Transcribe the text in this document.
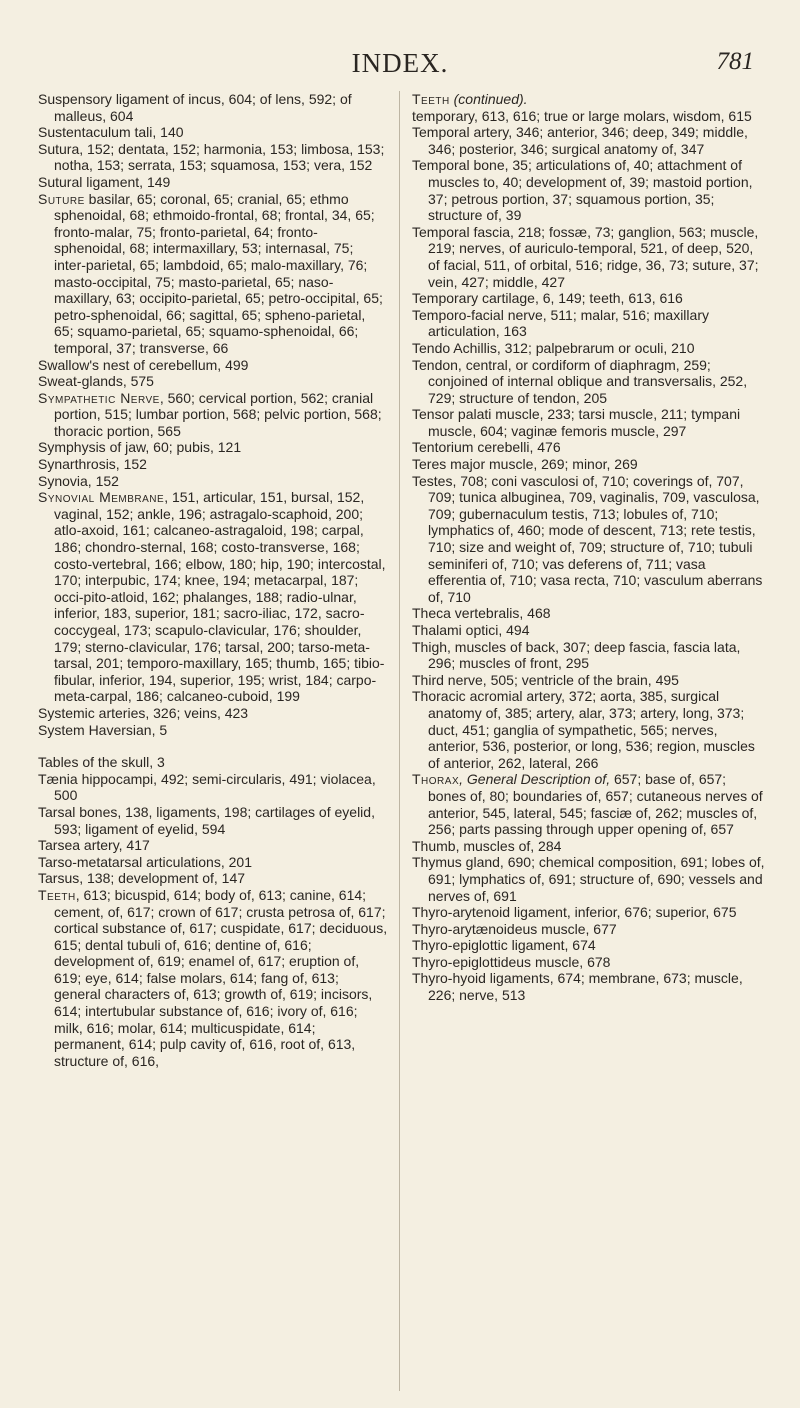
INDEX.	781

Suspensory ligament of incus, 604; of lens, 592; of malleus, 604

Sustentaculum tali, 140

Sutura, 152; dentata, 152; harmonia, 153; limbosa, 153; notha, 153; serrata, 153; squamosa, 153; vera, 152

Sutural ligament, 149

Suture basilar, 65; coronal, 65; cranial, 65; ethmo sphenoidal, 68; ethmoido-frontal, 68; frontal, 34, 65; fronto-malar, 75; fronto-parietal, 64; fronto-sphenoidal, 68; intermaxillary, 53; internasal, 75; inter-parietal, 65; lambdoid, 65; malo-maxillary, 76; masto-occipital, 75; masto-parietal, 65; naso-maxillary, 63; occipito-parietal, 65; petro-occipital, 65; petro-sphenoidal, 66; sagittal, 65; spheno-parietal, 65; squamo-parietal, 65; squamo-sphenoidal, 66; temporal, 37; transverse, 66

Swallow's nest of cerebellum, 499

Sweat-glands, 575

Sympathetic Nerve, 560; cervical portion, 562; cranial portion, 515; lumbar portion, 568; pelvic portion, 568; thoracic portion, 565

Symphysis of jaw, 60; pubis, 121

Synarthrosis, 152

Synovia, 152

Synovial Membrane, 151, articular, 151, bursal, 152, vaginal, 152; ankle, 196; astragalo-scaphoid, 200; atlo-axoid, 161; calcaneo-astragaloid, 198; carpal, 186; chondro-sternal, 168; costo-transverse, 168; costo-vertebral, 166; elbow, 180; hip, 190; intercostal, 170; interpubic, 174; knee, 194; metacarpal, 187; occi-pito-atloid, 162; phalanges, 188; radio-ulnar, inferior, 183, superior, 181; sacro-iliac, 172, sacro-coccygeal, 173; scapulo-clavicular, 176; shoulder, 179; sterno-clavicular, 176; tarsal, 200; tarso-meta-tarsal, 201; temporo-maxillary, 165; thumb, 165; tibio-fibular, inferior, 194, superior, 195; wrist, 184; carpo-meta-carpal, 186; calcaneo-cuboid, 199

Systemic arteries, 326; veins, 423

System Haversian, 5

Tables of the skull, 3

Tænia hippocampi, 492; semi-circularis, 491; violacea, 500

Tarsal bones, 138, ligaments, 198; cartilages of eyelid, 593; ligament of eyelid, 594

Tarsea artery, 417

Tarso-metatarsal articulations, 201

Tarsus, 138; development of, 147

Teeth, 613; bicuspid, 614; body of, 613; canine, 614; cement, of, 617; crown of 617; crusta petrosa of, 617; cortical substance of, 617; cuspidate, 617; deciduous, 615; dental tubuli of, 616; dentine of, 616; development of, 619; enamel of, 617; eruption of, 619; eye, 614; false molars, 614; fang of, 613; general characters of, 613; growth of, 619; incisors, 614; intertubular substance of, 616; ivory of, 616; milk, 616; molar, 614; multicuspidate, 614; permanent, 614; pulp cavity of, 616, root of, 613, structure of, 616,

Teeth (continued).

temporary, 613, 616; true or large molars, wisdom, 615

Temporal artery, 346; anterior, 346; deep, 349; middle, 346; posterior, 346; surgical anatomy of, 347

Temporal bone, 35; articulations of, 40; attachment of muscles to, 40; development of, 39; mastoid portion, 37; petrous portion, 37; squamous portion, 35; structure of, 39

Temporal fascia, 218; fossæ, 73; ganglion, 563; muscle, 219; nerves, of auriculo-temporal, 521, of deep, 520, of facial, 511, of orbital, 516; ridge, 36, 73; suture, 37; vein, 427; middle, 427

Temporary cartilage, 6, 149; teeth, 613, 616

Temporo-facial nerve, 511; malar, 516; maxillary articulation, 163

Tendo Achillis, 312; palpebrarum or oculi, 210

Tendon, central, or cordiform of diaphragm, 259; conjoined of internal oblique and transversalis, 252, 729; structure of tendon, 205

Tensor palati muscle, 233; tarsi muscle, 211; tympani muscle, 604; vaginæ femoris muscle, 297

Tentorium cerebelli, 476

Teres major muscle, 269; minor, 269

Testes, 708; coni vasculosi of, 710; coverings of, 707, 709; tunica albuginea, 709, vaginalis, 709, vasculosa, 709; gubernaculum testis, 713; lobules of, 710; lymphatics of, 460; mode of descent, 713; rete testis, 710; size and weight of, 709; structure of, 710; tubuli seminiferi of, 710; vas deferens of, 711; vasa efferentia of, 710; vasa recta, 710; vasculum aberrans of, 710

Theca vertebralis, 468

Thalami optici, 494

Thigh, muscles of back, 307; deep fascia, fascia lata, 296; muscles of front, 295

Third nerve, 505; ventricle of the brain, 495

Thoracic acromial artery, 372; aorta, 385, surgical anatomy of, 385; artery, alar, 373; artery, long, 373; duct, 451; ganglia of sympathetic, 565; nerves, anterior, 536, posterior, or long, 536; region, muscles of anterior, 262, lateral, 266

Thorax, General Description of, 657; base of, 657; bones of, 80; boundaries of, 657; cutaneous nerves of anterior, 545, lateral, 545; fasciæ of, 262; muscles of, 256; parts passing through upper opening of, 657

Thumb, muscles of, 284

Thymus gland, 690; chemical composition, 691; lobes of, 691; lymphatics of, 691; structure of, 690; vessels and nerves of, 691

Thyro-arytenoid ligament, inferior, 676; superior, 675

Thyro-arytænoideus muscle, 677

Thyro-epiglottic ligament, 674

Thyro-epiglottideus muscle, 678

Thyro-hyoid ligaments, 674; membrane, 673; muscle, 226; nerve, 513
